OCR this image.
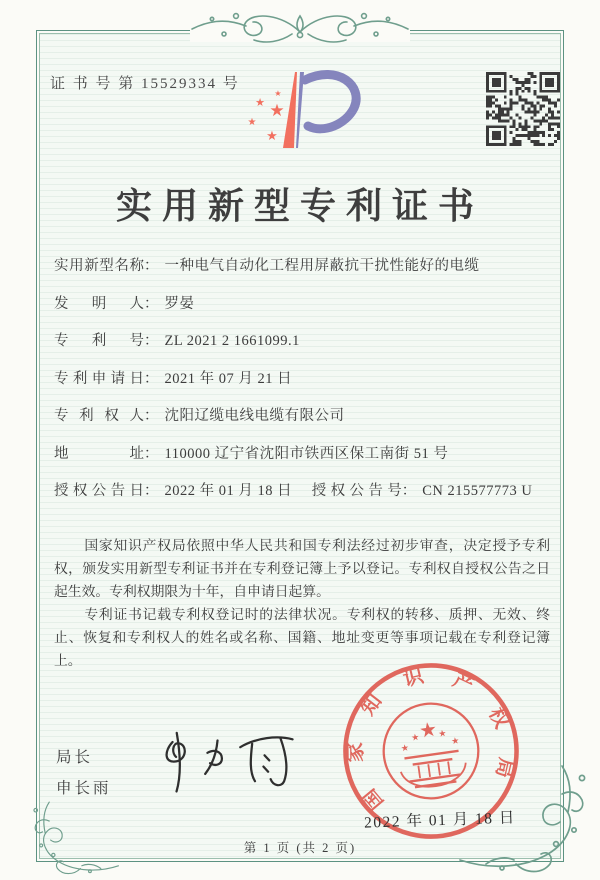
证 书 号 第 15529334 号
★
★ ★
★
★
实用新型专利证书
实用新型名称： 一种电气自动化工程用屏蔽抗干扰性能好的电缆
发明人： 罗晏
专利号： ZL 2021 2 1661099.1
专利申请日： 2021 年 07 月 21 日
专利权人： 沈阳辽缆电线电缆有限公司
地址： 110000 辽宁省沈阳市铁西区保工南街 51 号
授权公告日： 2022 年 01 月 18 日 授权公告号： CN 215577773 U

国家知识产权局依照中华人民共和国专利法经过初步审查，决定授予专利权，颁发实用新型专利证书并在专利登记簿上予以登记。专利权自授权公告之日起生效。专利权期限为十年，自申请日起算。

专利证书记载专利权登记时的法律状况。专利权的转移、质押、无效、终止、恢复和专利权人的姓名或名称、国籍、地址变更等事项记载在专利登记簿上。

局长
申长雨
★
★
★ ★
★
国家知识产权局
2022 年 01 月 18 日
第 1 页 (共 2 页)
